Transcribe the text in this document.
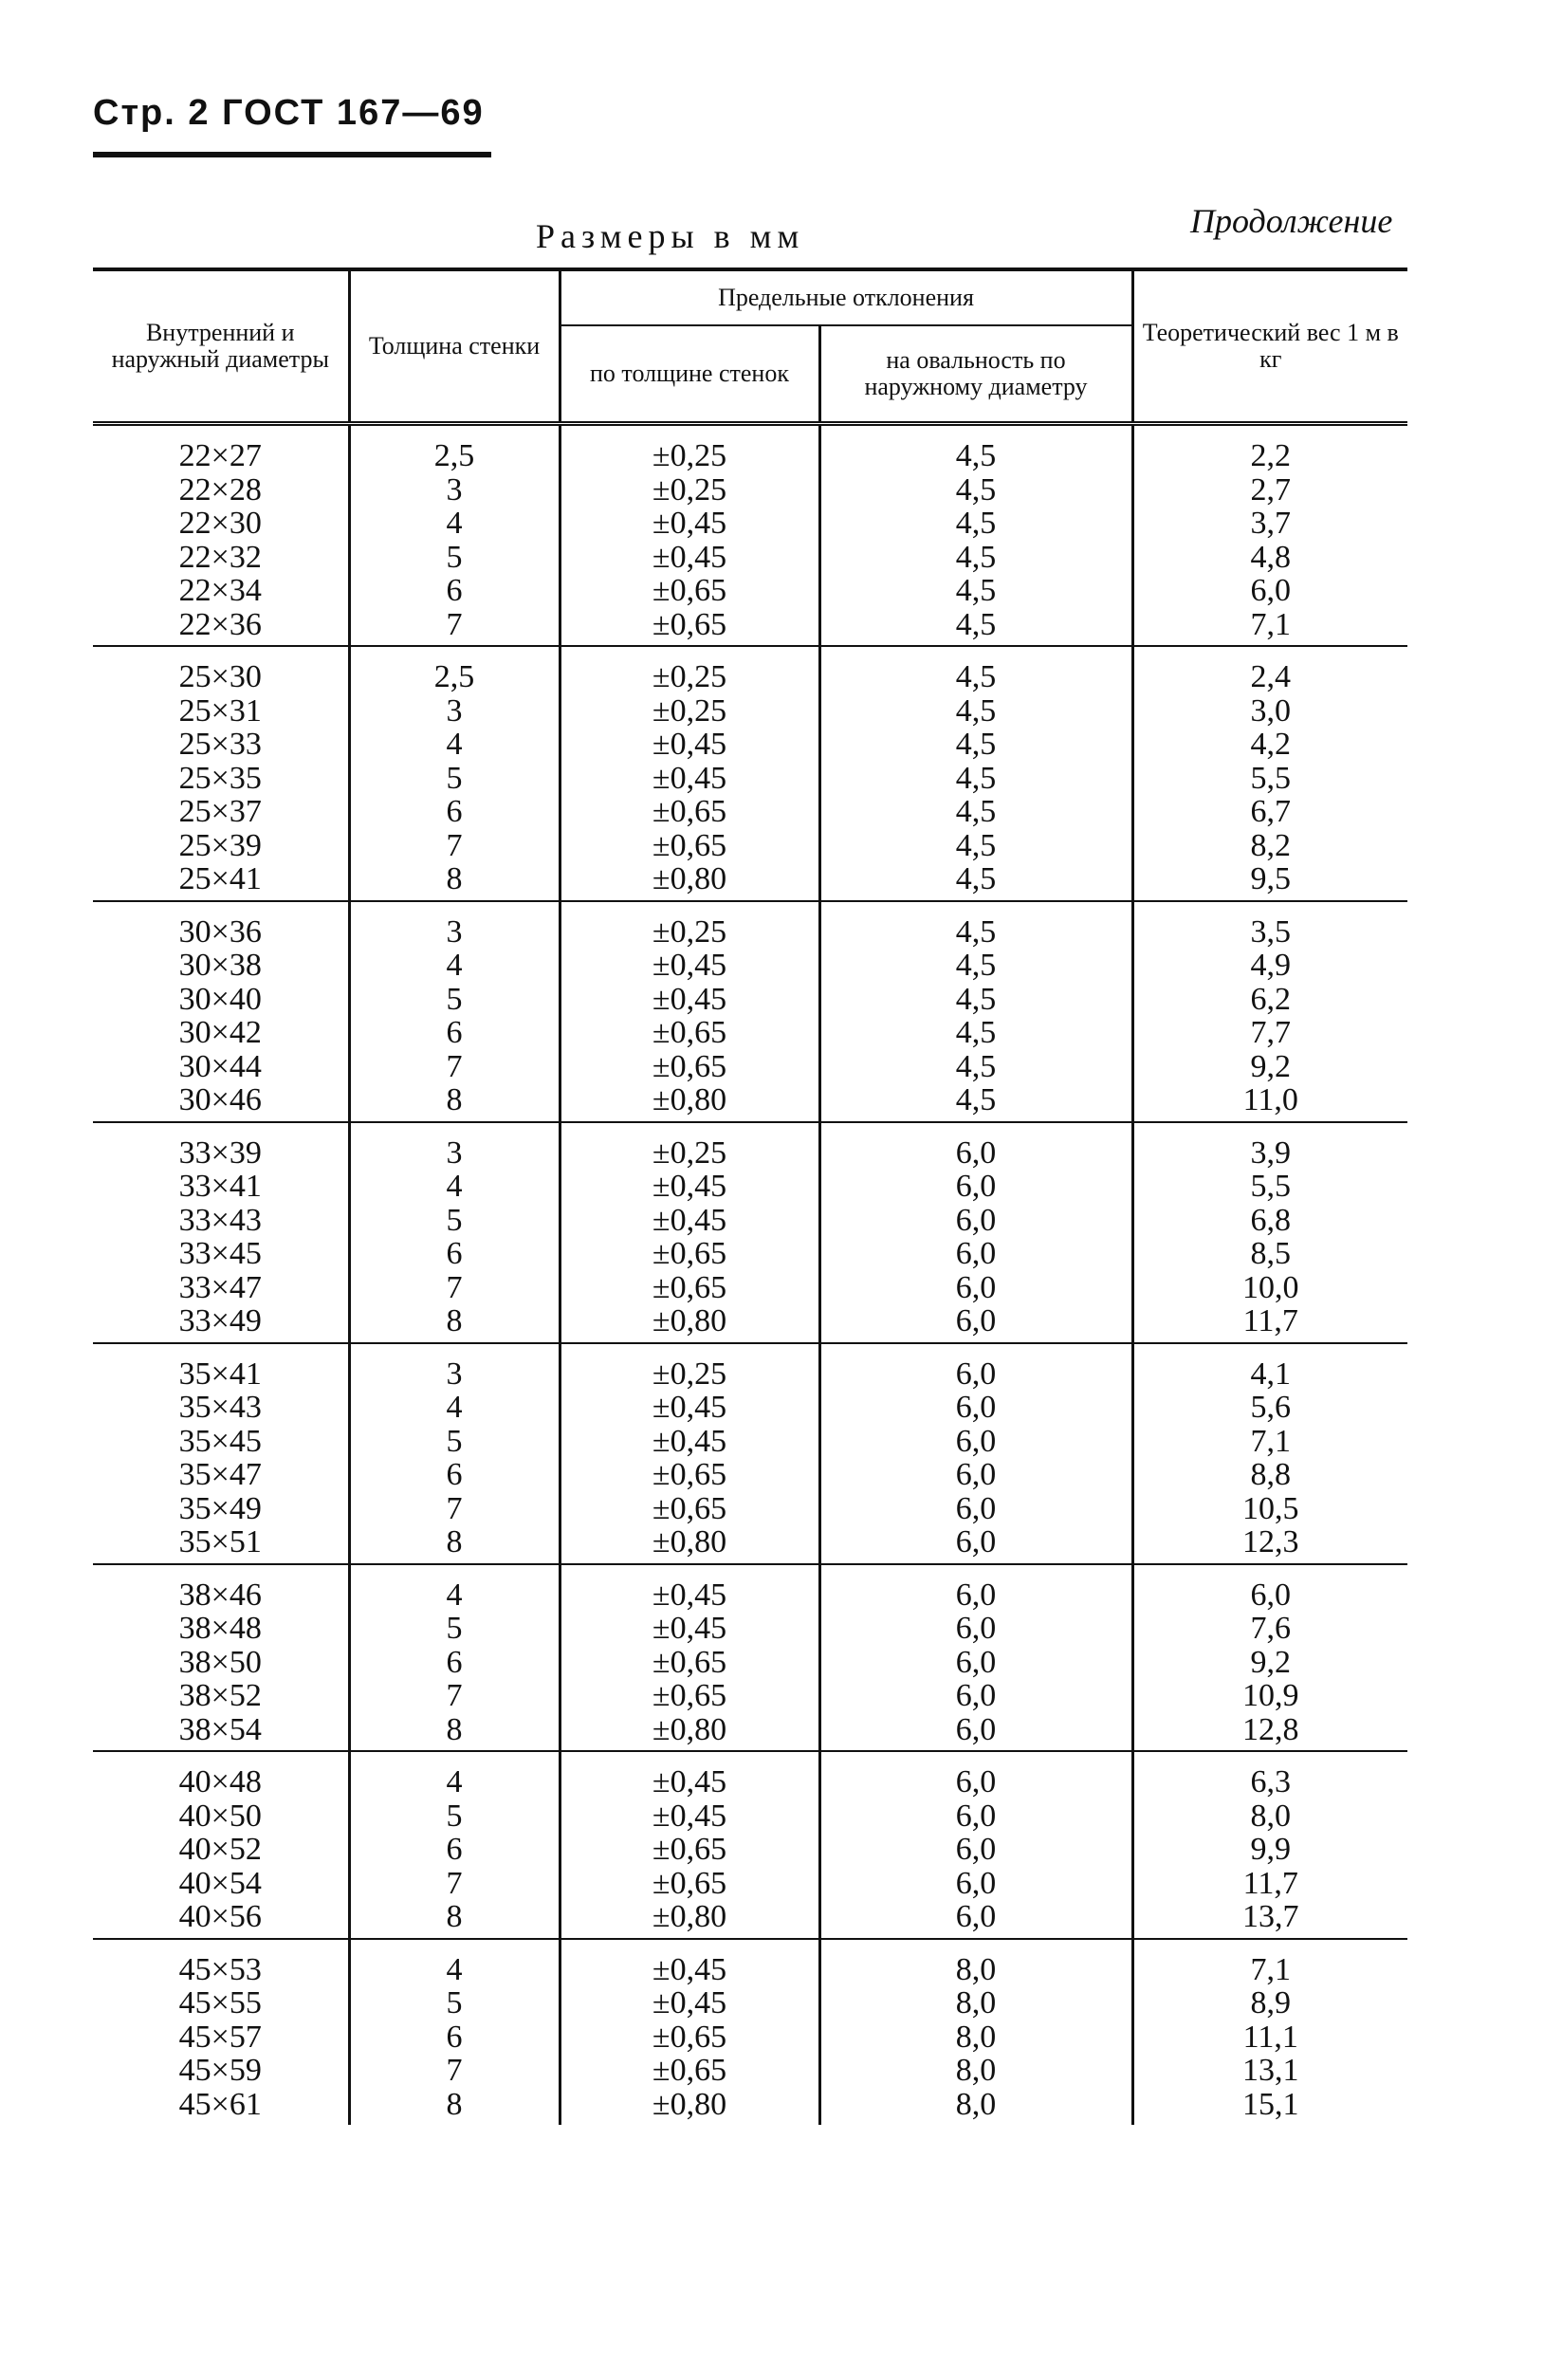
Стр. 2 ГОСТ 167—69
Размеры в мм	Продолжение
Внутренний и наружный диаметры	Толщина стенки	Предельные отклонения		Теоретический вес 1 м в кг
		по толщине стенок	на овальность по наружному диаметру	
22×27	2,5	±0,25	4,5	2,2
22×28	3	±0,25	4,5	2,7
22×30	4	±0,45	4,5	3,7
22×32	5	±0,45	4,5	4,8
22×34	6	±0,65	4,5	6,0
22×36	7	±0,65	4,5	7,1
25×30	2,5	±0,25	4,5	2,4
25×31	3	±0,25	4,5	3,0
25×33	4	±0,45	4,5	4,2
25×35	5	±0,45	4,5	5,5
25×37	6	±0,65	4,5	6,7
25×39	7	±0,65	4,5	8,2
25×41	8	±0,80	4,5	9,5
30×36	3	±0,25	4,5	3,5
30×38	4	±0,45	4,5	4,9
30×40	5	±0,45	4,5	6,2
30×42	6	±0,65	4,5	7,7
30×44	7	±0,65	4,5	9,2
30×46	8	±0,80	4,5	11,0
33×39	3	±0,25	6,0	3,9
33×41	4	±0,45	6,0	5,5
33×43	5	±0,45	6,0	6,8
33×45	6	±0,65	6,0	8,5
33×47	7	±0,65	6,0	10,0
33×49	8	±0,80	6,0	11,7
35×41	3	±0,25	6,0	4,1
35×43	4	±0,45	6,0	5,6
35×45	5	±0,45	6,0	7,1
35×47	6	±0,65	6,0	8,8
35×49	7	±0,65	6,0	10,5
35×51	8	±0,80	6,0	12,3
38×46	4	±0,45	6,0	6,0
38×48	5	±0,45	6,0	7,6
38×50	6	±0,65	6,0	9,2
38×52	7	±0,65	6,0	10,9
38×54	8	±0,80	6,0	12,8
40×48	4	±0,45	6,0	6,3
40×50	5	±0,45	6,0	8,0
40×52	6	±0,65	6,0	9,9
40×54	7	±0,65	6,0	11,7
40×56	8	±0,80	6,0	13,7
45×53	4	±0,45	8,0	7,1
45×55	5	±0,45	8,0	8,9
45×57	6	±0,65	8,0	11,1
45×59	7	±0,65	8,0	13,1
45×61	8	±0,80	8,0	15,1
